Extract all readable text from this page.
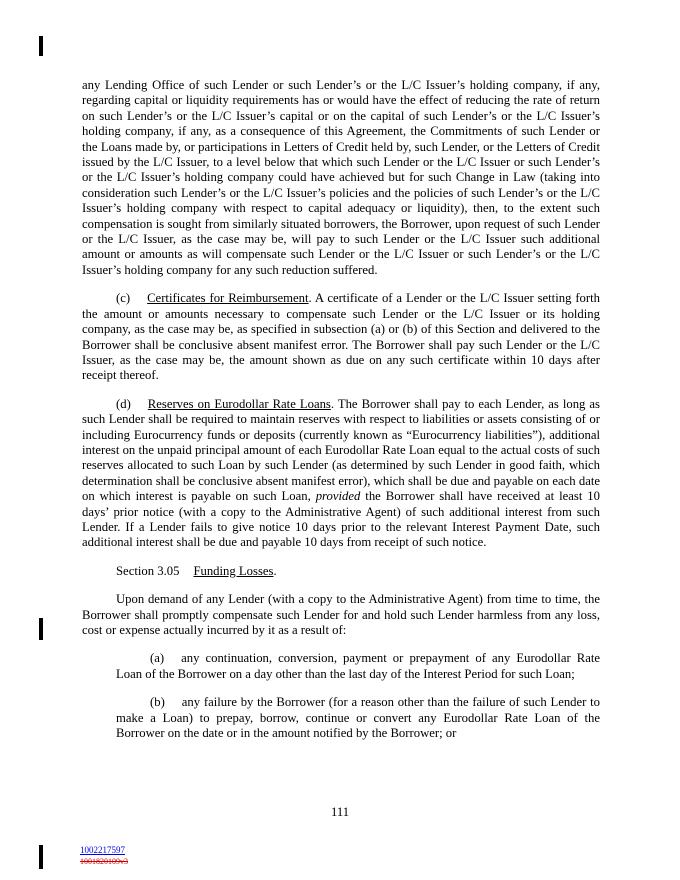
any Lending Office of such Lender or such Lender’s or the L/C Issuer’s holding company, if any, regarding capital or liquidity requirements has or would have the effect of reducing the rate of return on such Lender’s or the L/C Issuer’s capital or on the capital of such Lender’s or the L/C Issuer’s holding company, if any, as a consequence of this Agreement, the Commitments of such Lender or the Loans made by, or participations in Letters of Credit held by, such Lender, or the Letters of Credit issued by the L/C Issuer, to a level below that which such Lender or the L/C Issuer or such Lender’s or the L/C Issuer’s holding company could have achieved but for such Change in Law (taking into consideration such Lender’s or the L/C Issuer’s policies and the policies of such Lender’s or the L/C Issuer’s holding company with respect to capital adequacy or liquidity), then, to the extent such compensation is sought from similarly situated borrowers, the Borrower, upon request of such Lender or the L/C Issuer, as the case may be, will pay to such Lender or the L/C Issuer such additional amount or amounts as will compensate such Lender or the L/C Issuer or such Lender’s or the L/C Issuer’s holding company for any such reduction suffered.

(c) Certificates for Reimbursement. A certificate of a Lender or the L/C Issuer setting forth the amount or amounts necessary to compensate such Lender or the L/C Issuer or its holding company, as the case may be, as specified in subsection (a) or (b) of this Section and delivered to the Borrower shall be conclusive absent manifest error. The Borrower shall pay such Lender or the L/C Issuer, as the case may be, the amount shown as due on any such certificate within 10 days after receipt thereof.

(d) Reserves on Eurodollar Rate Loans. The Borrower shall pay to each Lender, as long as such Lender shall be required to maintain reserves with respect to liabilities or assets consisting of or including Eurocurrency funds or deposits (currently known as “Eurocurrency liabilities”), additional interest on the unpaid principal amount of each Eurodollar Rate Loan equal to the actual costs of such reserves allocated to such Loan by such Lender (as determined by such Lender in good faith, which determination shall be conclusive absent manifest error), which shall be due and payable on each date on which interest is payable on such Loan, provided the Borrower shall have received at least 10 days’ prior notice (with a copy to the Administrative Agent) of such additional interest from such Lender. If a Lender fails to give notice 10 days prior to the relevant Interest Payment Date, such additional interest shall be due and payable 10 days from receipt of such notice.

Section 3.05 Funding Losses.

Upon demand of any Lender (with a copy to the Administrative Agent) from time to time, the Borrower shall promptly compensate such Lender for and hold such Lender harmless from any loss, cost or expense actually incurred by it as a result of:

(a) any continuation, conversion, payment or prepayment of any Eurodollar Rate Loan of the Borrower on a day other than the last day of the Interest Period for such Loan;

(b) any failure by the Borrower (for a reason other than the failure of such Lender to make a Loan) to prepay, borrow, continue or convert any Eurodollar Rate Loan of the Borrower on the date or in the amount notified by the Borrower; or

111
1002217597
1001820109v3
